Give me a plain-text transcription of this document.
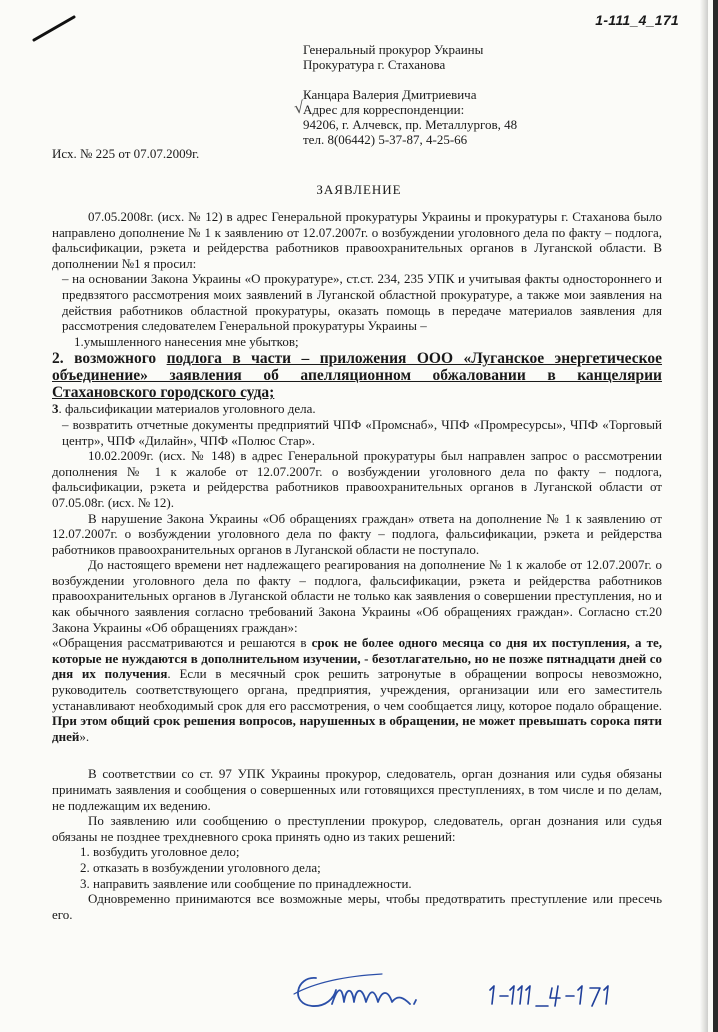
1-111_4_171
Генеральный прокурор Украины
Прокуратура г. Стаханова
Канцара Валерия Дмитриевича
Адрес для корреспонденции:
94206, г. Алчевск, пр. Металлургов, 48
тел. 8(06442) 5-37-87, 4-25-66
√
Исх. № 225 от 07.07.2009г.
ЗАЯВЛЕНИЕ

07.05.2008г. (исх. № 12) в адрес Генеральной прокуратуры Украины и прокуратуры г. Стаханова было направлено дополнение № 1 к заявлению от 12.07.2007г. о возбуждении уголовного дела по факту – подлога, фальсификации, рэкета и рейдерства работников правоохранительных органов в Луганской области. В дополнении №1 я просил:

– на основании Закона Украины «О прокуратуре», ст.ст. 234, 235 УПК и учитывая факты одностороннего и предвзятого рассмотрения моих заявлений в Луганской областной прокуратуре, а также мои заявления на действия работников областной прокуратуры, оказать помощь в передаче материалов заявления для рассмотрения следователем Генеральной прокуратуры Украины –

1.умышленного нанесения мне убытков;

2. возможного подлога в части – приложения ООО «Луганское энергетическое объединение» заявления об апелляционном обжаловании в канцелярии Стахановского городского суда;

3. фальсификации материалов уголовного дела.

– возвратить отчетные документы предприятий ЧПФ «Промснаб», ЧПФ «Промресурсы», ЧПФ «Торговый центр», ЧПФ «Дилайн», ЧПФ «Полюс Стар».

10.02.2009г. (исх. № 148) в адрес Генеральной прокуратуры был направлен запрос о рассмотрении дополнения № 1 к жалобе от 12.07.2007г. о возбуждении уголовного дела по факту – подлога, фальсификации, рэкета и рейдерства работников правоохранительных органов в Луганской области от 07.05.08г. (исх. № 12).

В нарушение Закона Украины «Об обращениях граждан» ответа на дополнение № 1 к заявлению от 12.07.2007г. о возбуждении уголовного дела по факту – подлога, фальсификации, рэкета и рейдерства работников правоохранительных органов в Луганской области не поступало.

До настоящего времени нет надлежащего реагирования на дополнение № 1 к жалобе от 12.07.2007г. о возбуждении уголовного дела по факту – подлога, фальсификации, рэкета и рейдерства работников правоохранительных органов в Луганской области не только как заявления о совершении преступления, но и как обычного заявления согласно требований Закона Украины «Об обращениях граждан». Согласно ст.20 Закона Украины «Об обращениях граждан»:

«Обращения рассматриваются и решаются в срок не более одного месяца со дня их поступления, а те, которые не нуждаются в дополнительном изучении, - безотлагательно, но не позже пятнадцати дней со дня их получения. Если в месячный срок решить затронутые в обращении вопросы невозможно, руководитель соответствующего органа, предприятия, учреждения, организации или его заместитель устанавливают необходимый срок для его рассмотрения, о чем сообщается лицу, которое подало обращение. При этом общий срок решения вопросов, нарушенных в обращении, не может превышать сорока пяти дней».

В соответствии со ст. 97 УПК Украины прокурор, следователь, орган дознания или судья обязаны принимать заявления и сообщения о совершенных или готовящихся преступлениях, в том числе и по делам, не подлежащим их ведению.

По заявлению или сообщению о преступлении прокурор, следователь, орган дознания или судья обязаны не позднее трехдневного срока принять одно из таких решений:

1. возбудить уголовное дело;

2. отказать в возбуждении уголовного дела;

3. направить заявление или сообщение по принадлежности.

Одновременно принимаются все возможные меры, чтобы предотвратить преступление или пресечь его.
